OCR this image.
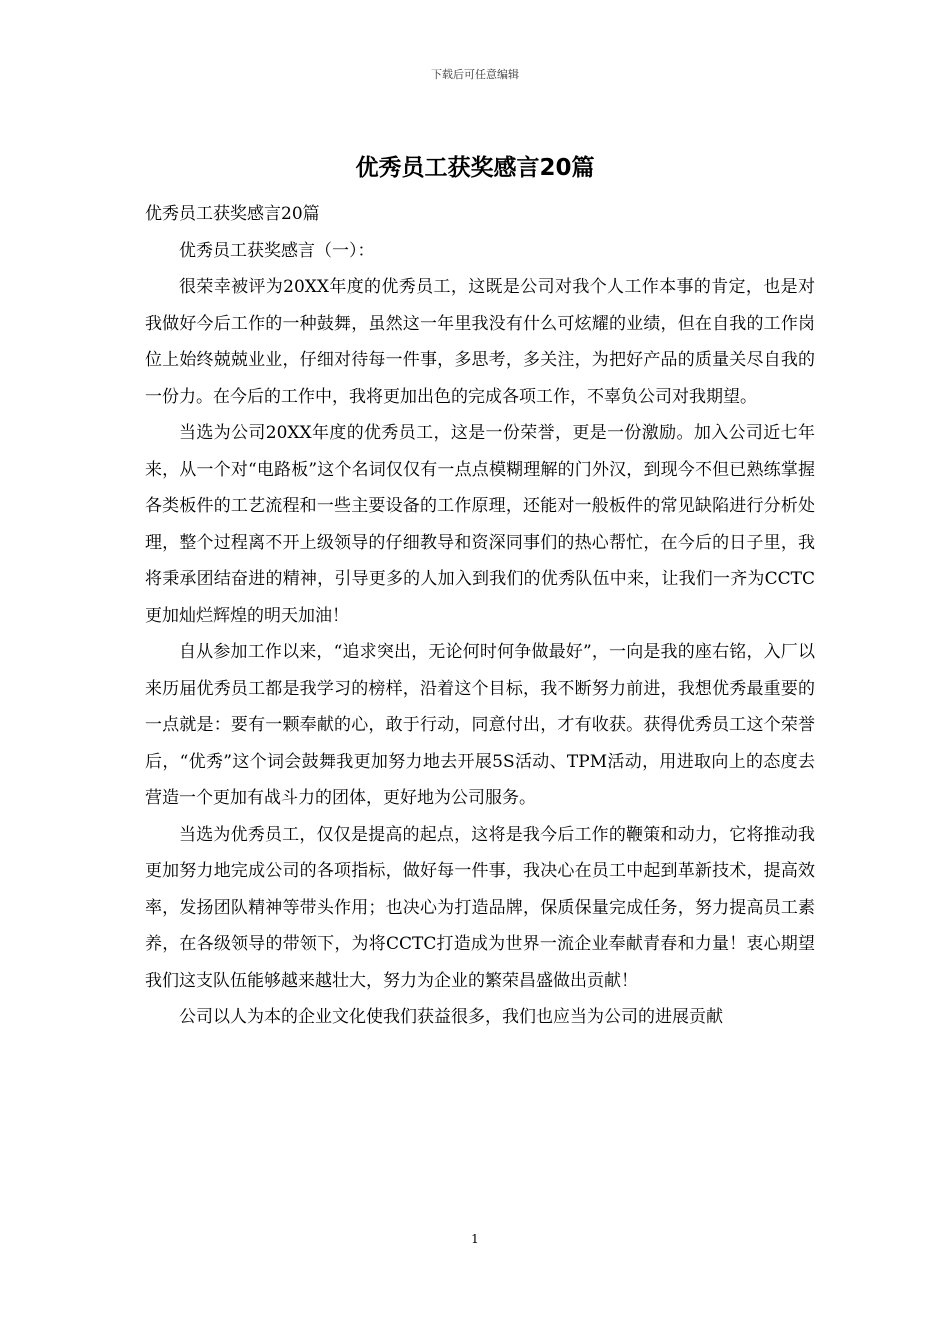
下载后可任意编辑
优秀员工获奖感言20篇

优秀员工获奖感言20篇

优秀员工获奖感言（一）：

很荣幸被评为20XX年度的优秀员工，这既是公司对我个人工作本事的肯定，也是对我做好今后工作的一种鼓舞，虽然这一年里我没有什么可炫耀的业绩，但在自我的工作岗位上始终兢兢业业，仔细对待每一件事，多思考，多关注，为把好产品的质量关尽自我的一份力。在今后的工作中，我将更加出色的完成各项工作，不辜负公司对我期望。

当选为公司20XX年度的优秀员工，这是一份荣誉，更是一份激励。加入公司近七年来，从一个对“电路板”这个名词仅仅有一点点模糊理解的门外汉，到现今不但已熟练掌握各类板件的工艺流程和一些主要设备的工作原理，还能对一般板件的常见缺陷进行分析处理，整个过程离不开上级领导的仔细教导和资深同事们的热心帮忙，在今后的日子里，我将秉承团结奋进的精神，引导更多的人加入到我们的优秀队伍中来，让我们一齐为CCTC更加灿烂辉煌的明天加油！

自从参加工作以来，“追求突出，无论何时何争做最好”，一向是我的座右铭，入厂以来历届优秀员工都是我学习的榜样，沿着这个目标，我不断努力前进，我想优秀最重要的一点就是：要有一颗奉献的心，敢于行动，同意付出，才有收获。获得优秀员工这个荣誉后，“优秀”这个词会鼓舞我更加努力地去开展5S活动、TPM活动，用进取向上的态度去营造一个更加有战斗力的团体，更好地为公司服务。

当选为优秀员工，仅仅是提高的起点，这将是我今后工作的鞭策和动力，它将推动我更加努力地完成公司的各项指标，做好每一件事，我决心在员工中起到革新技术，提高效率，发扬团队精神等带头作用；也决心为打造品牌，保质保量完成任务，努力提高员工素养，在各级领导的带领下，为将CCTC打造成为世界一流企业奉献青春和力量！衷心期望我们这支队伍能够越来越壮大，努力为企业的繁荣昌盛做出贡献！

公司以人为本的企业文化使我们获益很多，我们也应当为公司的进展贡献

1
